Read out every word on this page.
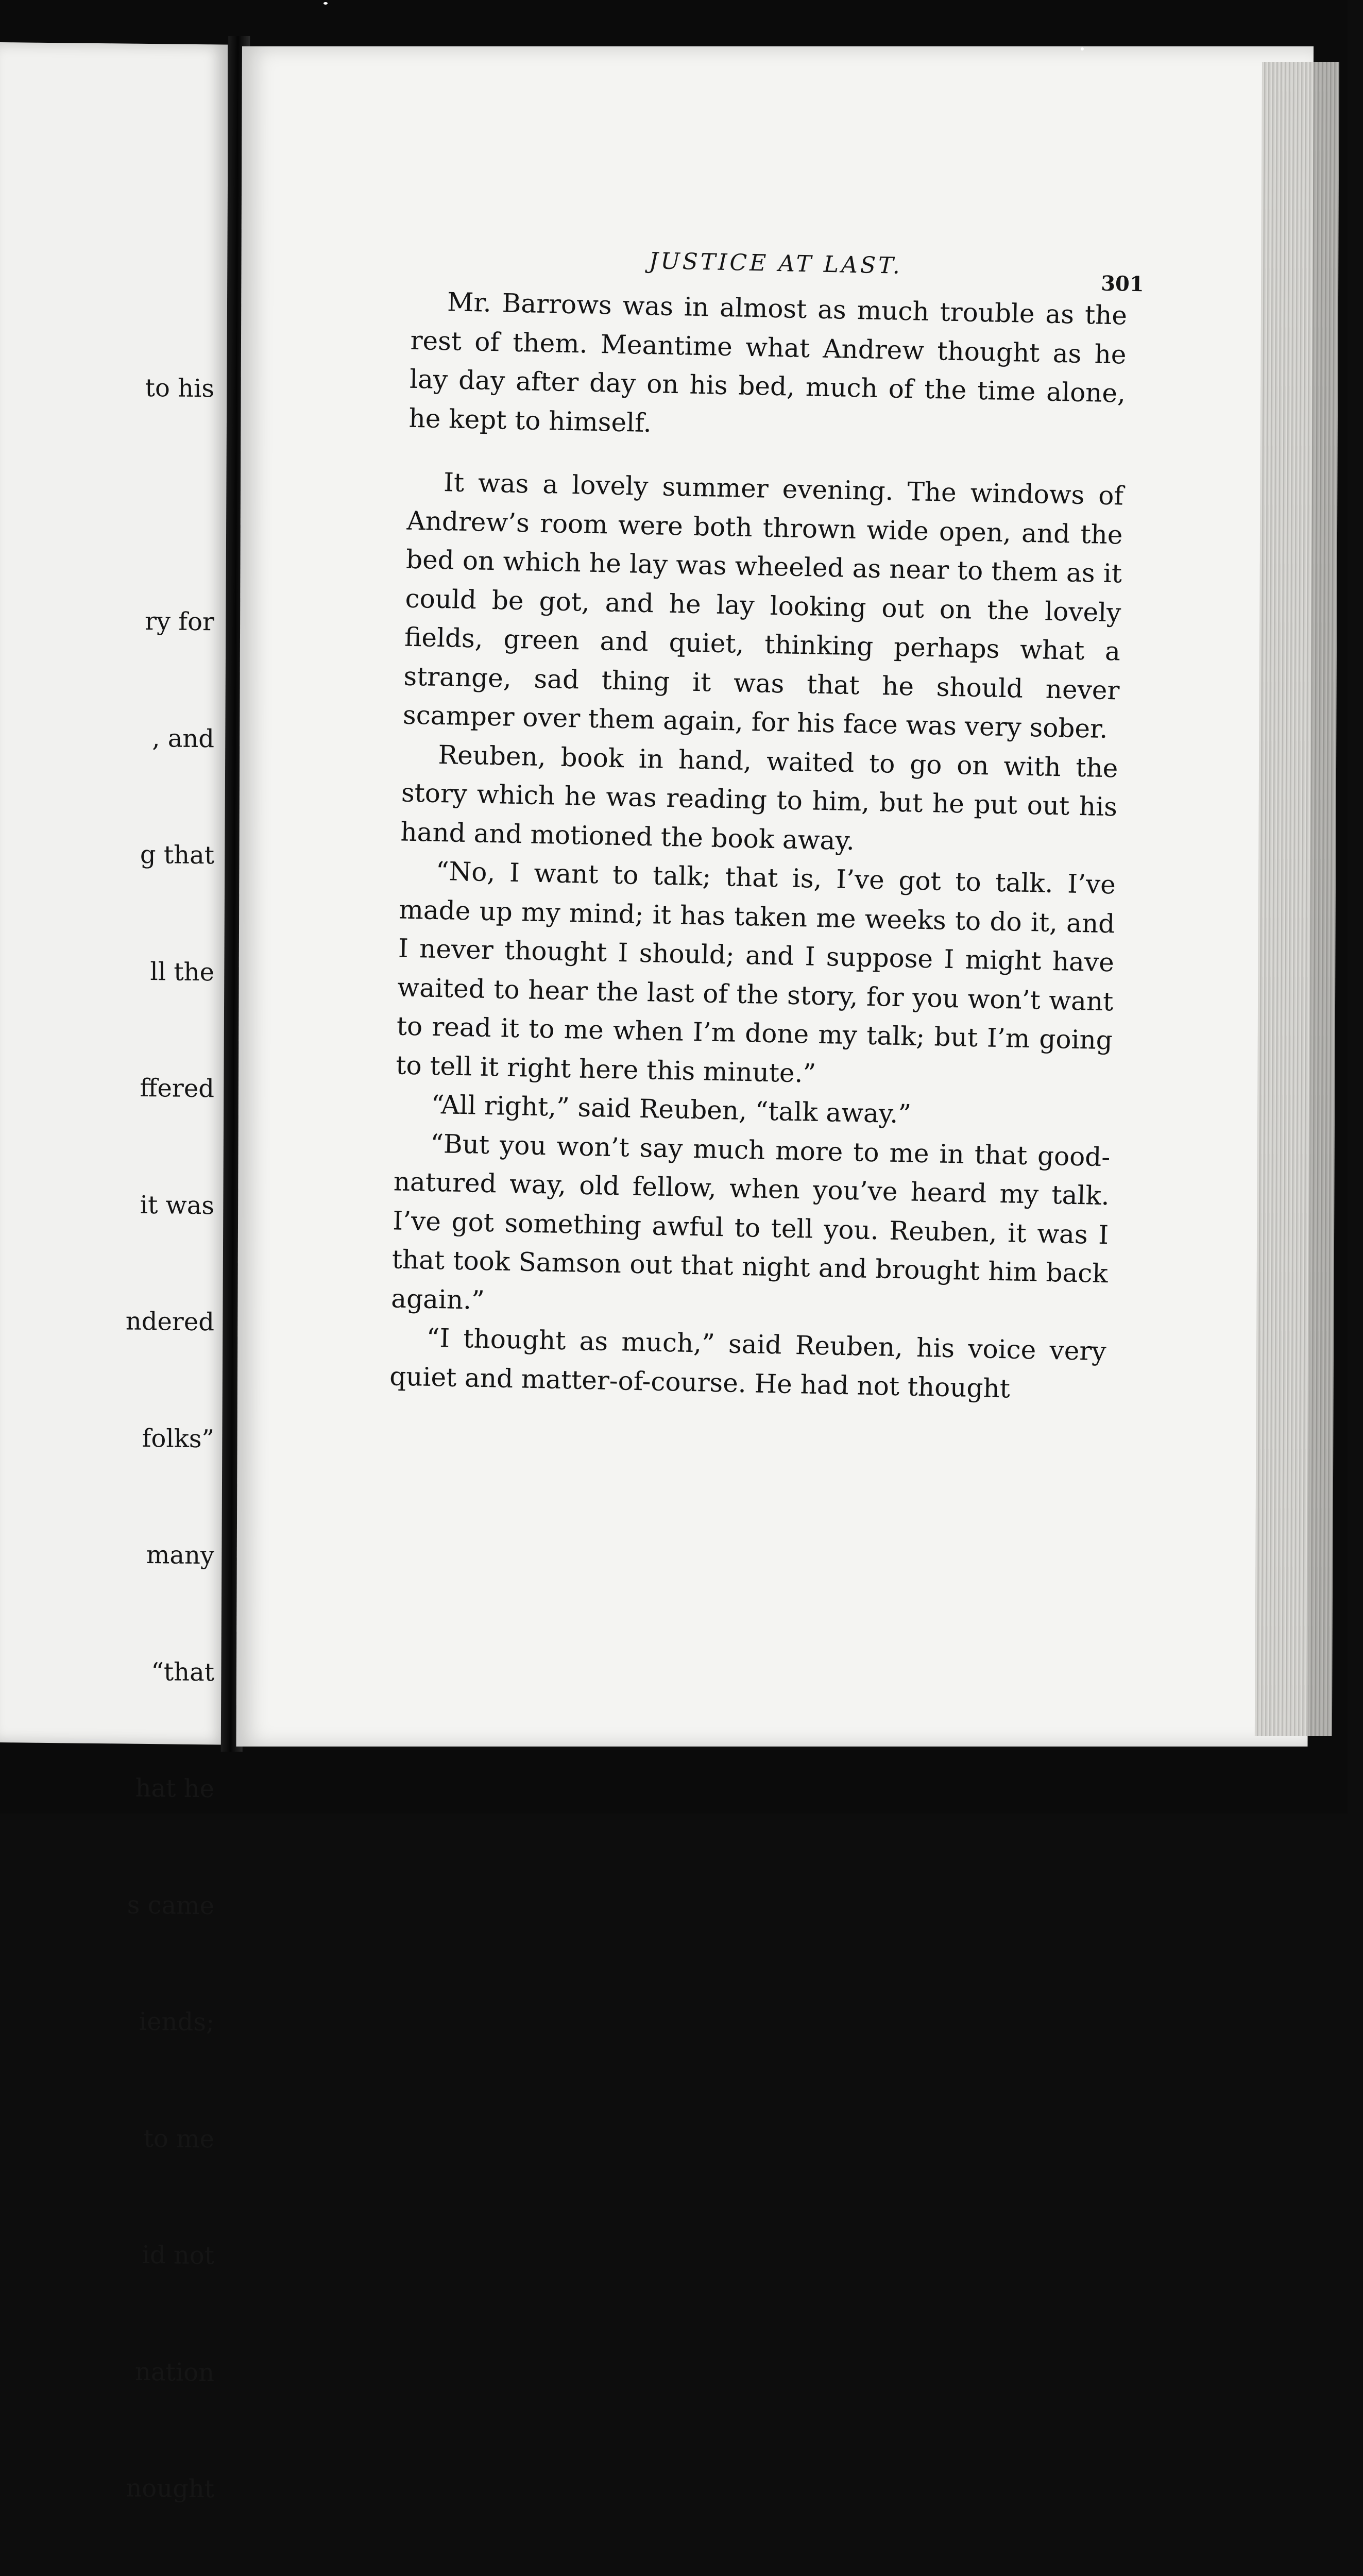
to his

ry for

, and

g that

ll the

ffered

it was

ndered

folks”

many

“that

hat he

s came

iends;

to me

id not

nation

nought

JUSTICE AT LAST.
301

Mr. Barrows was in almost as much trouble as the rest of them. Meantime what Andrew thought as he lay day after day on his bed, much of the time alone, he kept to himself.

It was a lovely summer evening. The windows of Andrew’s room were both thrown wide open, and the bed on which he lay was wheeled as near to them as it could be got, and he lay looking out on the lovely fields, green and quiet, thinking perhaps what a strange, sad thing it was that he should never scamper over them again, for his face was very sober.

Reuben, book in hand, waited to go on with the story which he was reading to him, but he put out his hand and motioned the book away.

“No, I want to talk; that is, I’ve got to talk. I’ve made up my mind; it has taken me weeks to do it, and I never thought I should; and I suppose I might have waited to hear the last of the story, for you won’t want to read it to me when I’m done my talk; but I’m going to tell it right here this minute.”

“All right,” said Reuben, “talk away.”

“But you won’t say much more to me in that good-natured way, old fellow, when you’ve heard my talk. I’ve got something awful to tell you. Reuben, it was I that took Samson out that night and brought him back again.”

“I thought as much,” said Reuben, his voice very quiet and matter-of-course. He had not thought
